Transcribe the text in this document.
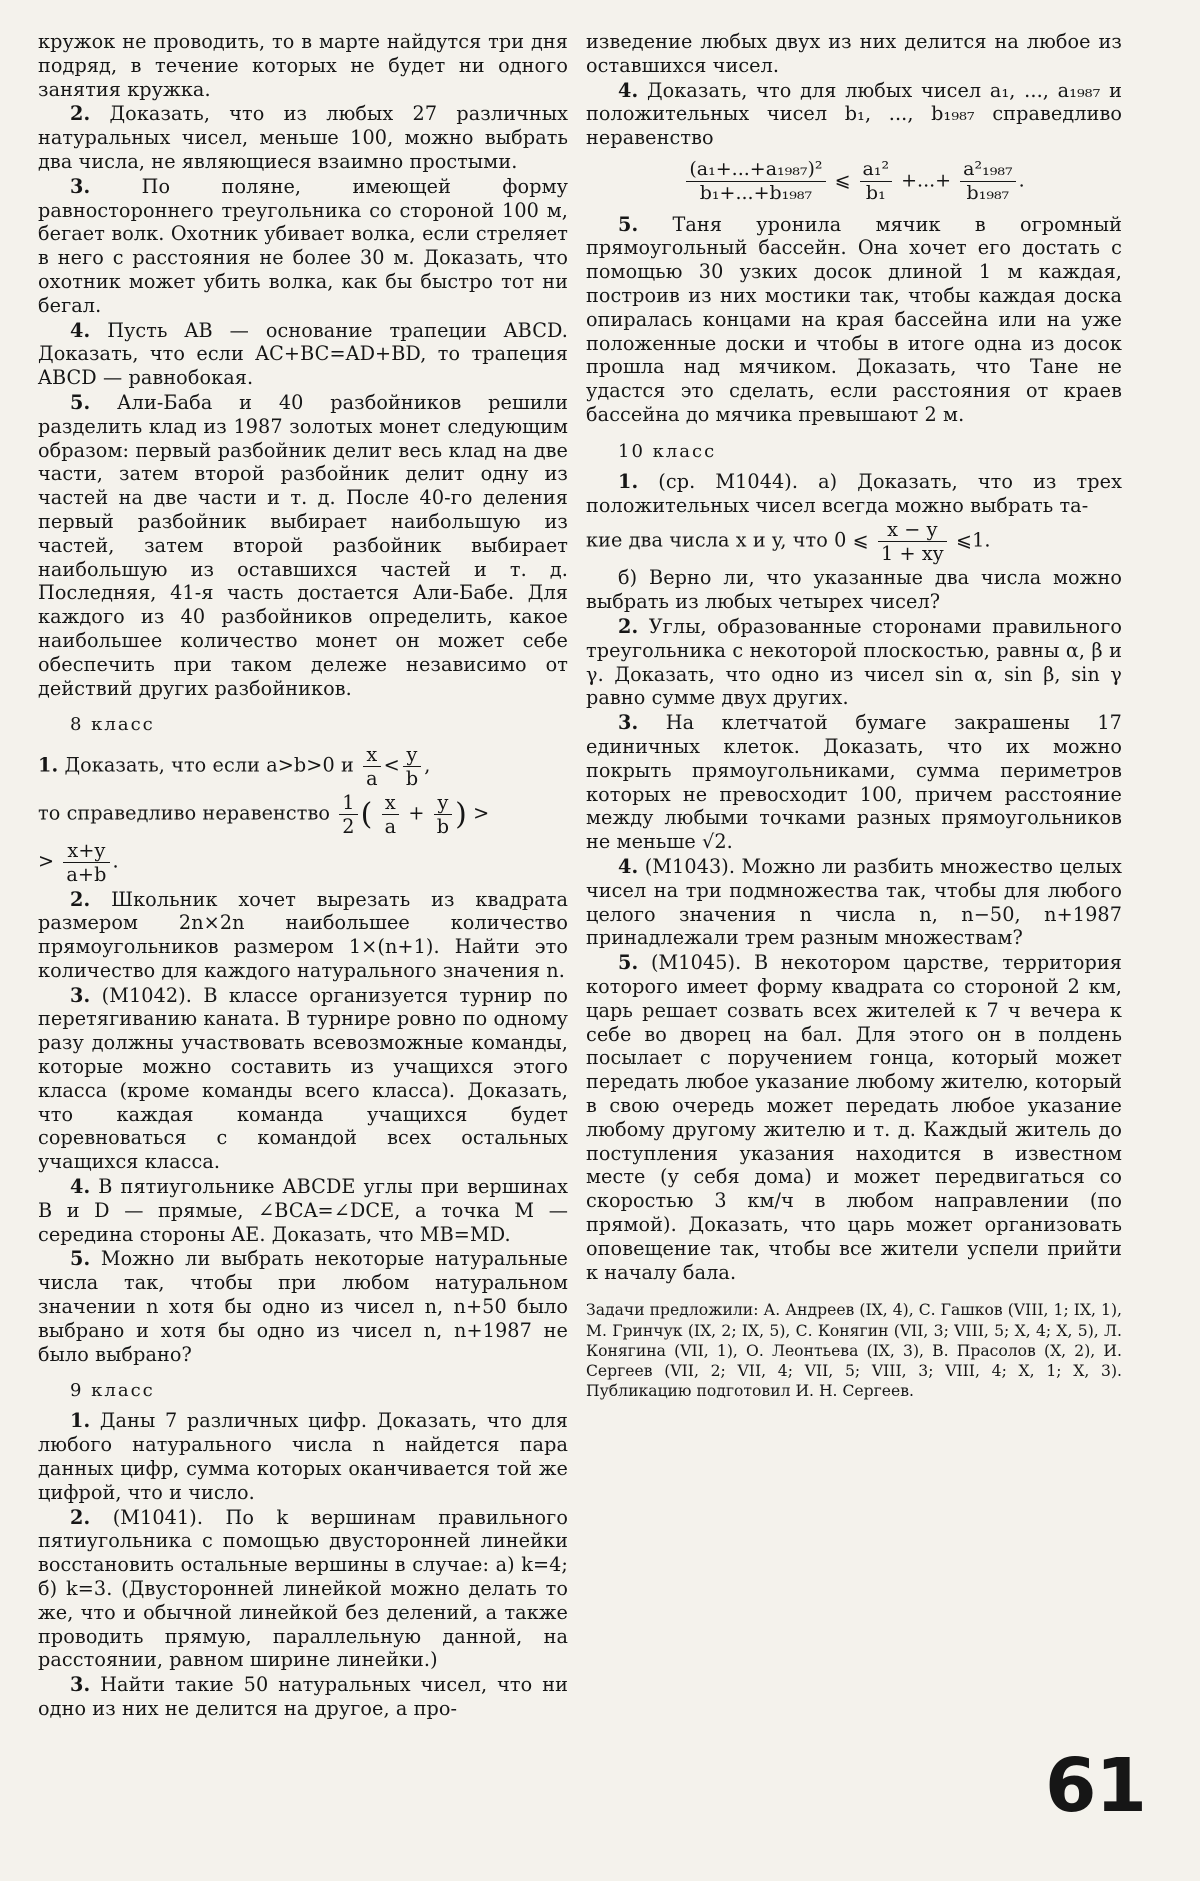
кружок не проводить, то в марте найдутся три дня подряд, в течение которых не будет ни одного занятия кружка.

2. Доказать, что из любых 27 различных натуральных чисел, меньше 100, можно выбрать два числа, не являющиеся взаимно простыми.

3.	По поляне, имеющей форму равностороннего треугольника со стороной 100 м, бегает волк. Охотник убивает волка, если стреляет в него с расстояния не более 30 м. Доказать, что охотник может убить волка, как бы быстро тот ни бегал.

4. Пусть AB — основание трапеции ABCD. Доказать, что если AC+BC=AD+BD, то трапеция ABCD — равнобокая.

5. Али-Баба и 40 разбойников решили разделить клад из 1987 золотых монет следующим образом: первый разбойник делит весь клад на две части, затем второй разбойник делит одну из частей на две части и т. д. После 40-го деления первый разбойник выбирает наибольшую из частей, затем второй разбойник выбирает наибольшую из оставшихся частей и т. д. Последняя, 41-я часть достается Али-Бабе. Для каждого из 40 разбойников определить, какое наибольшее количество монет он может себе обеспечить при таком дележе независимо от действий других разбойников.

8 класс

1. Доказать, что если a>b>0 и $\frac{x}{a} < \frac{y}{b}$ ,

то справедливо неравенство $\frac{1}{2}$ ( $\frac{x}{a} + \frac{y}{b}$ ) >

> $\frac{x+y}{a+b}$ .

2. Школьник хочет вырезать из квадрата размером 2n×2n наибольшее количество прямоугольников размером 1×(n+1). Найти это количество для каждого натурального значения n.

3. (М1042). В классе организуется турнир по перетягиванию каната. В турнире ровно по одному разу должны участвовать всевозможные команды, которые можно составить из учащихся этого класса (кроме команды всего класса). Доказать, что каждая команда учащихся будет соревноваться с командой всех остальных учащихся класса.

4. В пятиугольнике ABCDE углы при вершинах B и D — прямые, ∠BCA=∠DCE, а точка M — середина стороны AE. Доказать, что MB=MD.

5. Можно ли выбрать некоторые натуральные числа так, чтобы при любом натуральном значении n хотя бы одно из чисел n, n+50 было выбрано и хотя бы одно из чисел n, n+1987 не было выбрано?

9 класс

1. Даны 7 различных цифр. Доказать, что для любого натурального числа n найдется пара данных цифр, сумма которых оканчивается той же цифрой, что и число.

2. (М1041). По k вершинам правильного пятиугольника с помощью двусторонней линейки восстановить остальные вершины в случае: а) k=4; б) k=3. (Двусторонней линейкой можно делать то же, что и обычной линейкой без делений, а также проводить прямую, параллельную данной, на расстоянии, равном ширине линейки.)

3. Найти такие 50 натуральных чисел, что ни одно из них не делится на другое, а про-

изведение любых двух из них делится на любое из оставшихся чисел.

4. Доказать, что для любых чисел a₁, ..., a₁₉₈₇ и положительных чисел b₁, ..., b₁₉₈₇ справедливо неравенство

$\frac{\text{(a₁+...+a₁₉₈₇)²}}{\text{b₁+...+b₁₉₈₇}}$ ⩽ $\frac{\text{a₁²}}{\text{b₁}}$ +...+ $\frac{\text{a²₁₉₈₇}}{\text{b₁₉₈₇}}$ .

5. Таня уронила мячик в огромный прямоугольный бассейн. Она хочет его достать с помощью 30 узких досок длиной 1 м каждая, построив из них мостики так, чтобы каждая доска опиралась концами на края бассейна или на уже положенные доски и чтобы в итоге одна из досок прошла над мячиком. Доказать, что Тане не удастся это сделать, если расстояния от краев бассейна до мячика превышают 2 м.

10 класс

1. (ср. М1044). а) Доказать, что из трех положительных чисел всегда можно выбрать та-

кие два числа x и y, что 0 ⩽ $\frac{x - y}{1 + xy}$ ⩽1.

б) Верно ли, что указанные два числа можно выбрать из любых четырех чисел?

2. Углы, образованные сторонами правильного треугольника с некоторой плоскостью, равны α, β и γ. Доказать, что одно из чисел sin α, sin β, sin γ равно сумме двух других.

3. На клетчатой бумаге закрашены 17 единичных клеток. Доказать, что их можно покрыть прямоугольниками, сумма периметров которых не превосходит 100, причем расстояние между любыми точками разных прямоугольников не меньше √2.

4. (М1043). Можно ли разбить множество целых чисел на три подмножества так, чтобы для любого целого значения n числа n, n−50, n+1987 принадлежали трем разным множествам?

5. (М1045). В некотором царстве, территория которого имеет форму квадрата со стороной 2 км, царь решает созвать всех жителей к 7 ч вечера к себе во дворец на бал. Для этого он в полдень посылает с поручением гонца, который может передать любое указание любому жителю, который в свою очередь может передать любое указание любому другому жителю и т. д. Каждый житель до поступления указания находится в известном месте (у себя дома) и может передвигаться со скоростью 3 км/ч в любом направлении (по прямой). Доказать, что царь может организовать оповещение так, чтобы все жители успели прийти к началу бала.

Задачи предложили: А. Андреев (IX, 4), С. Гашков (VIII, 1; IX, 1), М. Гринчук (IX, 2; IX, 5), С. Конягин (VII, 3; VIII, 5; X, 4; X, 5), Л. Конягина (VII, 1), О. Леонтьева (IX, 3), В. Прасолов (X, 2), И. Сергеев (VII, 2; VII, 4; VII, 5; VIII, 3; VIII, 4; X, 1; X, 3). Публикацию подготовил И. Н. Сергеев.

61
